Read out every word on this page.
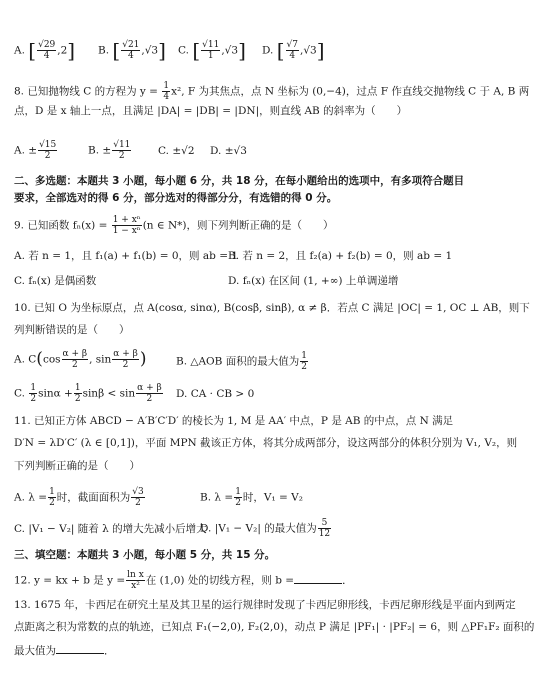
A. [ $\frac{√29}{4} ,2$] B. [ $\frac{√21}{4} ,√3$] C. [ $\frac{√11}{1} ,√3$] D. [ $\frac{√7}{4} ,√3$]
8. 已知抛物线 C 的方程为 $y = \frac{1}{4} x^2$, F 为其焦点，点 N 坐标为 (0,−4)，过点 F 作直线交抛物线 C 于 A, B 两
点，D 是 x 轴上一点，且满足 |DA| = |DB| = |DN|，则直线 AB 的斜率为（　　）
A. ± $\frac{√15}{2}$	B. ± $\frac{√11}{2}$	C. ±√2 D. ±√3
二、多选题：本题共 3 小题，每小题 6 分，共 18 分，在每小题给出的选项中，有多项符合题目
要求，全部选对的得 6 分，部分选对的得部分分，有选错的得 0 分。
9. 已知函数 $f_n(x) = \frac{\text{1 + xⁿ}}{\text{1 − xⁿ}} (n$ ∈ N*)，则下列判断正确的是（　　）
A. 若 n = 1，且 f₁(a) + f₁(b) = 0，则 ab = 1
B. 若 n = 2，且 f₂(a) + f₂(b) = 0，则 ab = 1
C. fₙ(x) 是偶函数	D. fₙ(x) 在区间 (1, +∞) 上单调递增
10. 已知 O 为坐标原点，点 A(cosα, sinα), B(cosβ, sinβ), α ≠ β．若点 C 满足 |OC| = 1, OC ⊥ AB，则下
列判断错误的是（　　）
A. $C(\cos \frac{\alpha + \beta}{2}$ , $\sin \frac{\alpha + \beta}{2}$ )	B. △AOB 面积的最大值为 $\frac{1}{2}$
C. $\frac{1}{2}$ $\sin\alpha + \frac{1}{2}$ $\sin\beta < \sin \frac{\alpha + \beta}{2} D$. CA · CB > 0
11. 已知正方体 ABCD − A′B′C′D′ 的棱长为 1, M 是 AA′ 中点，P 是 AB 的中点，点 N 满足
D′N = λD′C′ (λ ∈ [0,1])，平面 MPN 截该正方体，将其分成两部分，设这两部分的体积分别为 V₁, V₂，则
下列判断正确的是（　　）
A. $\lambda = \frac{1}{2}$ 时，截面面积为 $\frac{√3}{2}$	B. $\lambda = \frac{1}{2}$ 时，V₁ = V₂
C. |V₁ − V₂| 随着 λ 的增大先减小后增大
D. |V₁ − V₂| 的最大值为 $\frac{5}{12}$
三、填空题：本题共 3 小题，每小题 5 分，共 15 分。
12. y = kx + b 是 $y = \frac{\text{ln x}}{\text{x²}}$ 在 (1,0) 处的切线方程，则 b =	．
13. 1675 年，卡西尼在研究土星及其卫星的运行规律时发现了卡西尼卵形线，卡西尼卵形线是平面内到两定
点距离之积为常数的点的轨迹，已知点 F₁(−2,0), F₂(2,0)，动点 P 满足 |PF₁| · |PF₂| = 6，则 △PF₁F₂ 面积的
最大值为	．
